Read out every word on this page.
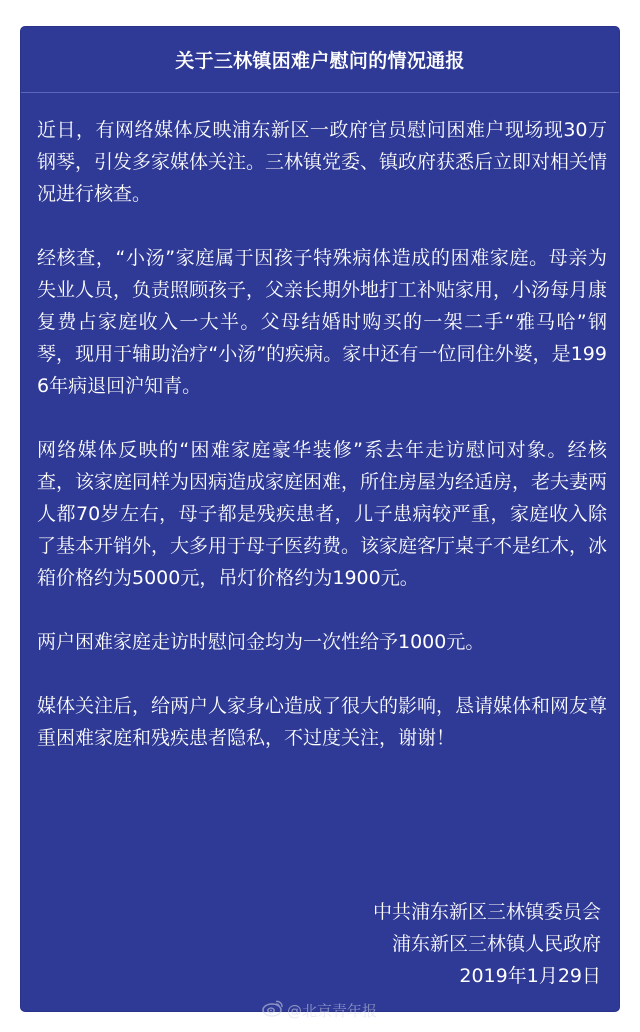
关于三林镇困难户慰问的情况通报

近日，有网络媒体反映浦东新区一政府官员慰问困难户现场现30万钢琴，引发多家媒体关注。三林镇党委、镇政府获悉后立即对相关情况进行核查。

经核查，“小汤”家庭属于因孩子特殊病体造成的困难家庭。母亲为失业人员，负责照顾孩子，父亲长期外地打工补贴家用，小汤每月康复费占家庭收入一大半。父母结婚时购买的一架二手“雅马哈”钢琴，现用于辅助治疗“小汤”的疾病。家中还有一位同住外婆，是1996年病退回沪知青。

网络媒体反映的“困难家庭豪华装修”系去年走访慰问对象。经核查，该家庭同样为因病造成家庭困难，所住房屋为经适房，老夫妻两人都70岁左右，母子都是残疾患者，儿子患病较严重，家庭收入除了基本开销外，大多用于母子医药费。该家庭客厅桌子不是红木，冰箱价格约为5000元，吊灯价格约为1900元。

两户困难家庭走访时慰问金均为一次性给予1000元。

媒体关注后，给两户人家身心造成了很大的影响，恳请媒体和网友尊重困难家庭和残疾患者隐私，不过度关注，谢谢！

中共浦东新区三林镇委员会
浦东新区三林镇人民政府
2019年1月29日
@北京青年报
